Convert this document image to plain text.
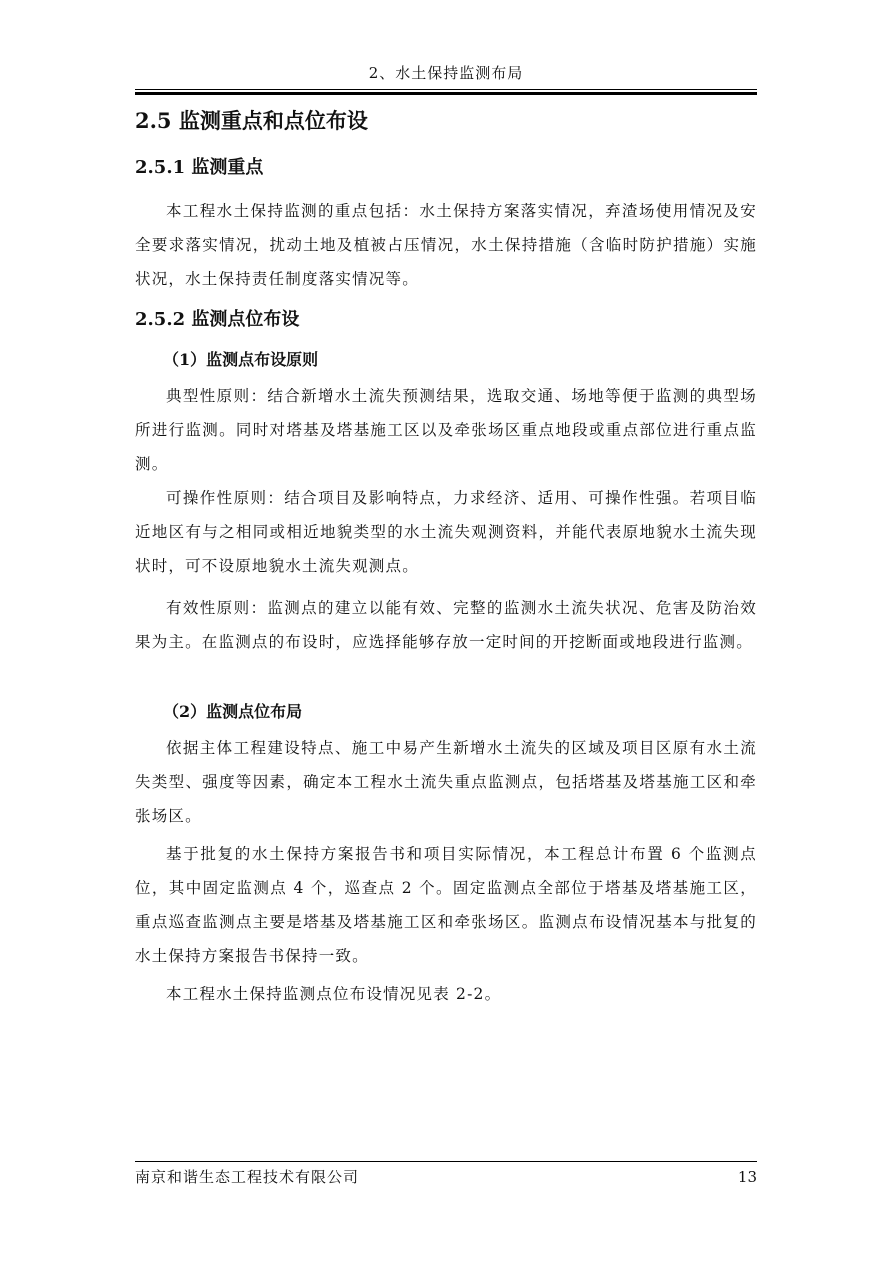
2、水土保持监测布局
2.5 监测重点和点位布设
2.5.1 监测重点

本工程水土保持监测的重点包括：水土保持方案落实情况，弃渣场使用情况及安全要求落实情况，扰动土地及植被占压情况，水土保持措施（含临时防护措施）实施状况，水土保持责任制度落实情况等。

2.5.2 监测点位布设
（1）监测点布设原则

典型性原则：结合新增水土流失预测结果，选取交通、场地等便于监测的典型场所进行监测。同时对塔基及塔基施工区以及牵张场区重点地段或重点部位进行重点监测。

可操作性原则：结合项目及影响特点，力求经济、适用、可操作性强。若项目临近地区有与之相同或相近地貌类型的水土流失观测资料，并能代表原地貌水土流失现状时，可不设原地貌水土流失观测点。

有效性原则：监测点的建立以能有效、完整的监测水土流失状况、危害及防治效果为主。在监测点的布设时，应选择能够存放一定时间的开挖断面或地段进行监测。

（2）监测点位布局

依据主体工程建设特点、施工中易产生新增水土流失的区域及项目区原有水土流失类型、强度等因素，确定本工程水土流失重点监测点，包括塔基及塔基施工区和牵张场区。

基于批复的水土保持方案报告书和项目实际情况，本工程总计布置 6 个监测点位，其中固定监测点 4 个，巡查点 2 个。固定监测点全部位于塔基及塔基施工区，重点巡查监测点主要是塔基及塔基施工区和牵张场区。监测点布设情况基本与批复的水土保持方案报告书保持一致。

本工程水土保持监测点位布设情况见表 2-2。

南京和谐生态工程技术有限公司	13
